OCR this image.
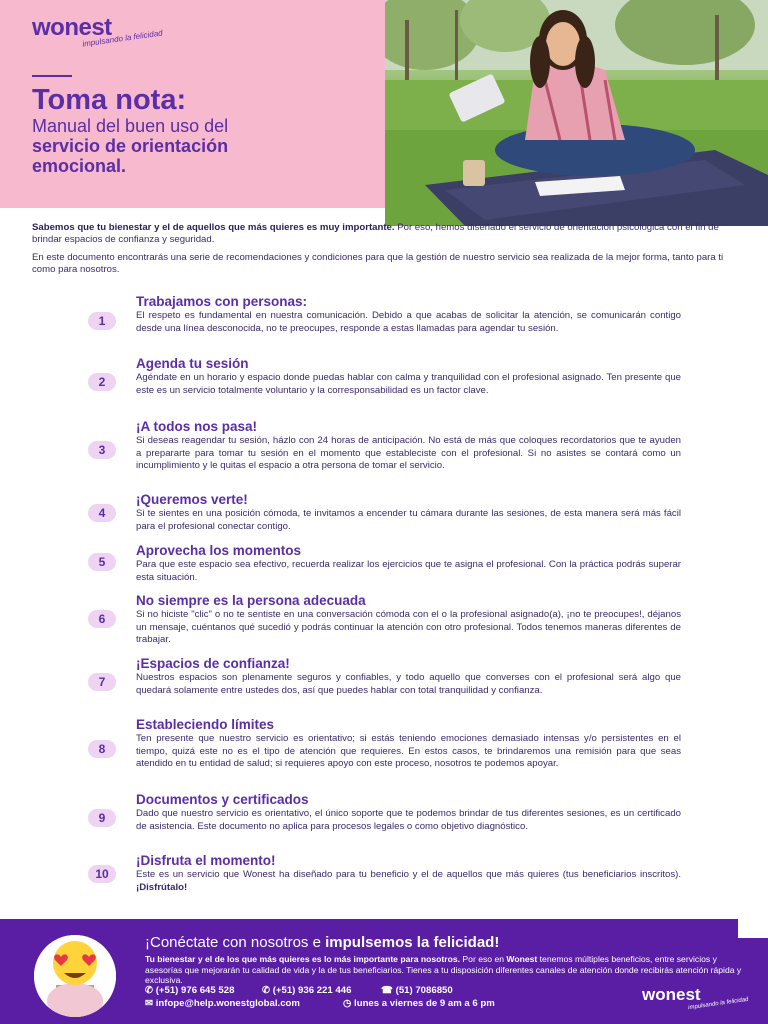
wonest
impulsando la felicidad
Toma nota:

Manual del buen uso del
servicio de orientación
emocional.

Sabemos que tu bienestar y el de aquellos que más quieres es muy importante. Por eso, hemos diseñado el servicio de orientación psicológica con el fin de brindar espacios de confianza y seguridad.

En este documento encontrarás una serie de recomendaciones y condiciones para que la gestión de nuestro servicio sea realizada de la mejor forma, tanto para ti como para nosotros.

1
Trabajamos con personas:

El respeto es fundamental en nuestra comunicación. Debido a que acabas de solicitar la atención, se comunicarán contigo desde una línea desconocida, no te preocupes, responde a estas llamadas para agendar tu sesión.

2
Agenda tu sesión

Agéndate en un horario y espacio donde puedas hablar con calma y tranquilidad con el profesional asignado. Ten presente que este es un servicio totalmente voluntario y la corresponsabilidad es un factor clave.

3
¡A todos nos pasa!

Si deseas reagendar tu sesión, házlo con 24 horas de anticipación. No está de más que coloques recordatorios que te ayuden a prepararte para tomar tu sesión en el momento que estableciste con el profesional. Si no asistes se contará como un incumplimiento y le quitas el espacio a otra persona de tomar el servicio.

4
¡Queremos verte!

Si te sientes en una posición cómoda, te invitamos a encender tu cámara durante las sesiones, de esta manera será más fácil para el profesional conectar contigo.

5
Aprovecha los momentos

Para que este espacio sea efectivo, recuerda realizar los ejercicios que te asigna el profesional. Con la práctica podrás superar esta situación.

6
No siempre es la persona adecuada

Si no hiciste "clic" o no te sentiste en una conversación cómoda con el o la profesional asignado(a), ¡no te preocupes!, déjanos un mensaje, cuéntanos qué sucedió y podrás continuar la atención con otro profesional. Todos tenemos maneras diferentes de trabajar.

7
¡Espacios de confianza!

Nuestros espacios son plenamente seguros y confiables, y todo aquello que converses con el profesional será algo que quedará solamente entre ustedes dos, así que puedes hablar con total tranquilidad y confianza.

8
Estableciendo límites

Ten presente que nuestro servicio es orientativo; si estás teniendo emociones demasiado intensas y/o persistentes en el tiempo, quizá este no es el tipo de atención que requieres. En estos casos, te brindaremos una remisión para que seas atendido en tu entidad de salud; si requieres apoyo con este proceso, nosotros te podemos apoyar.

9
Documentos y certificados

Dado que nuestro servicio es orientativo, el único soporte que te podemos brindar de tus diferentes sesiones, es un certificado de asistencia. Este documento no aplica para procesos legales o como objetivo diagnóstico.

10
¡Disfruta el momento!

Este es un servicio que Wonest ha diseñado para tu beneficio y el de aquellos que más quieres (tus beneficiarios inscritos). ¡Disfrútalo!

¡Conéctate con nosotros e impulsemos la felicidad!

Tu bienestar y el de los que más quieres es lo más importante para nosotros. Por eso en Wonest tenemos múltiples beneficios, entre servicios y asesorías que mejorarán tu calidad de vida y la de tus beneficiarios. Tienes a tu disposición diferentes canales de atención donde recibirás atención rápida y exclusiva.

✆ (+51) 976 645 528	✆ (+51) 936 221 446	☎ (51) 7086850
✉ infope@help.wonestglobal.com	◷ lunes a viernes de 9 am a 6 pm	wonest
impulsando la felicidad
